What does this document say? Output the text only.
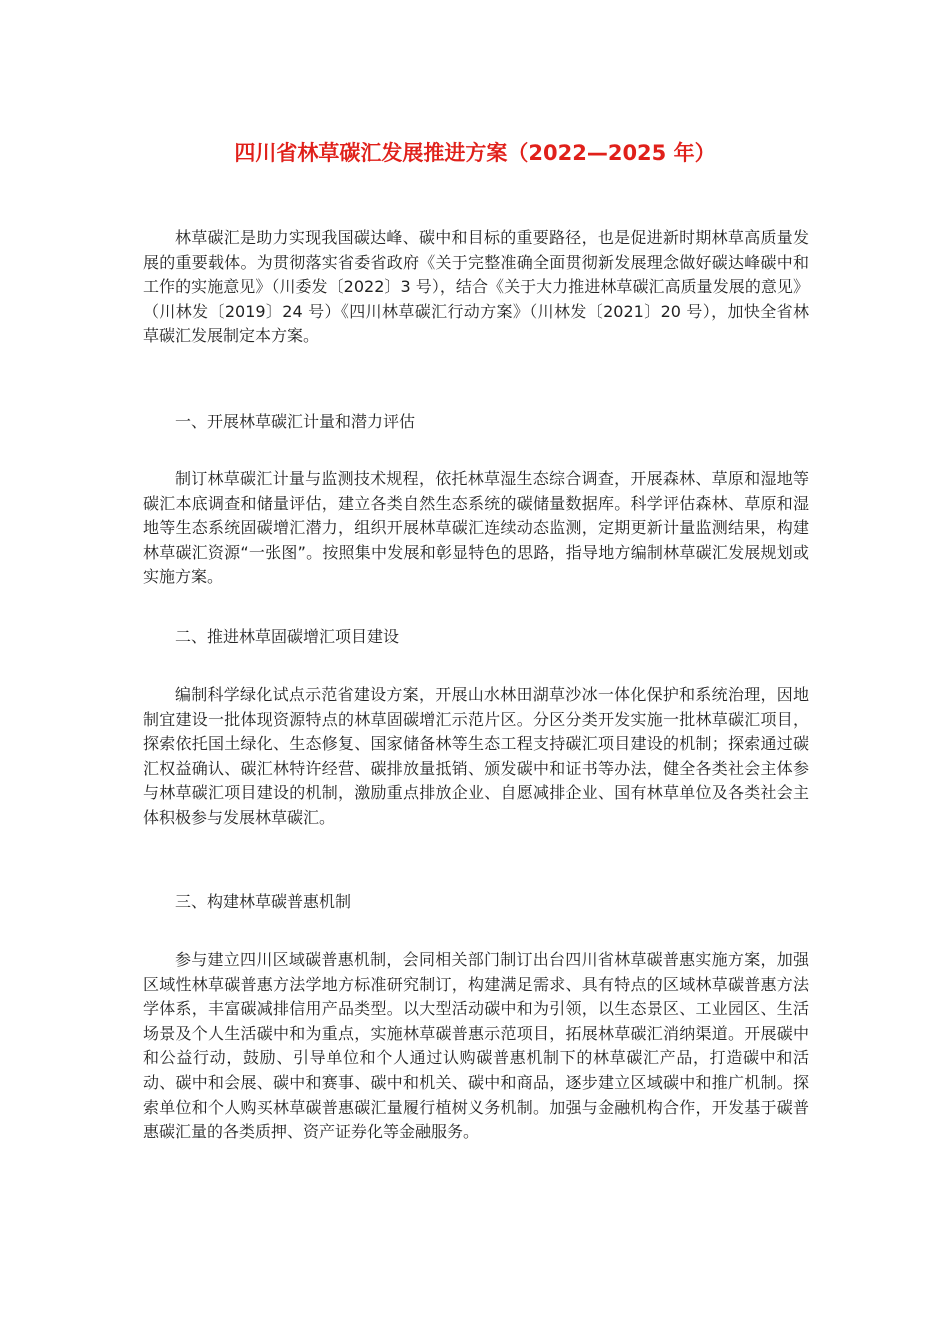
四川省林草碳汇发展推进方案（2022—2025 年）

林草碳汇是助力实现我国碳达峰、碳中和目标的重要路径，也是促进新时期林草高质量发展的重要载体。为贯彻落实省委省政府《关于完整准确全面贯彻新发展理念做好碳达峰碳中和工作的实施意见》（川委发〔2022〕3 号），结合《关于大力推进林草碳汇高质量发展的意见》（川林发〔2019〕24 号）《四川林草碳汇行动方案》（川林发〔2021〕20 号），加快全省林草碳汇发展制定本方案。

一、开展林草碳汇计量和潜力评估

制订林草碳汇计量与监测技术规程，依托林草湿生态综合调查，开展森林、草原和湿地等碳汇本底调查和储量评估，建立各类自然生态系统的碳储量数据库。科学评估森林、草原和湿地等生态系统固碳增汇潜力，组织开展林草碳汇连续动态监测，定期更新计量监测结果，构建林草碳汇资源“一张图”。按照集中发展和彰显特色的思路，指导地方编制林草碳汇发展规划或实施方案。

二、推进林草固碳增汇项目建设

编制科学绿化试点示范省建设方案，开展山水林田湖草沙冰一体化保护和系统治理，因地制宜建设一批体现资源特点的林草固碳增汇示范片区。分区分类开发实施一批林草碳汇项目，探索依托国土绿化、生态修复、国家储备林等生态工程支持碳汇项目建设的机制；探索通过碳汇权益确认、碳汇林特许经营、碳排放量抵销、颁发碳中和证书等办法，健全各类社会主体参与林草碳汇项目建设的机制，激励重点排放企业、自愿减排企业、国有林草单位及各类社会主体积极参与发展林草碳汇。

三、构建林草碳普惠机制

参与建立四川区域碳普惠机制，会同相关部门制订出台四川省林草碳普惠实施方案，加强区域性林草碳普惠方法学地方标准研究制订，构建满足需求、具有特点的区域林草碳普惠方法学体系，丰富碳减排信用产品类型。以大型活动碳中和为引领，以生态景区、工业园区、生活场景及个人生活碳中和为重点，实施林草碳普惠示范项目，拓展林草碳汇消纳渠道。开展碳中和公益行动，鼓励、引导单位和个人通过认购碳普惠机制下的林草碳汇产品，打造碳中和活动、碳中和会展、碳中和赛事、碳中和机关、碳中和商品，逐步建立区域碳中和推广机制。探索单位和个人购买林草碳普惠碳汇量履行植树义务机制。加强与金融机构合作，开发基于碳普惠碳汇量的各类质押、资产证券化等金融服务。
